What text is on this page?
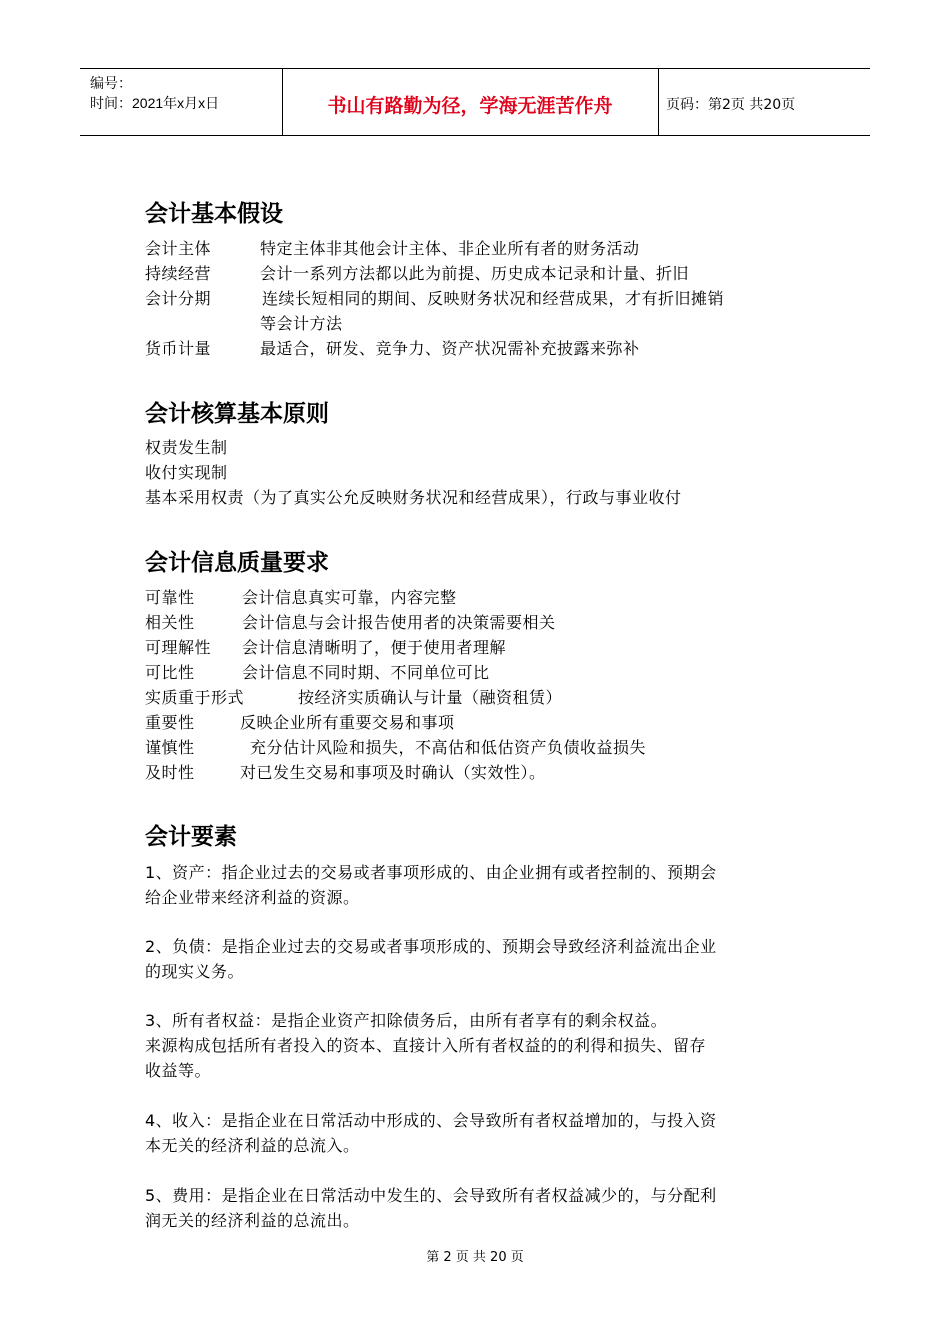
编号：
时间：2021年x月x日	书山有路勤为径，学海无涯苦作舟	页码：第2页 共20页
会计基本假设
会计主体	特定主体非其他会计主体、非企业所有者的财务活动
持续经营	会计一系列方法都以此为前提、历史成本记录和计量、折旧
会计分期	连续长短相同的期间、反映财务状况和经营成果，才有折旧摊销
等会计方法
货币计量	最适合，研发、竞争力、资产状况需补充披露来弥补
会计核算基本原则
权责发生制
收付实现制
基本采用权责（为了真实公允反映财务状况和经营成果），行政与事业收付
会计信息质量要求
可靠性	会计信息真实可靠，内容完整
相关性	会计信息与会计报告使用者的决策需要相关
可理解性 会计信息清晰明了，便于使用者理解
可比性	会计信息不同时期、不同单位可比
实质重于形式	按经济实质确认与计量（融资租赁）
重要性	反映企业所有重要交易和事项
谨慎性	充分估计风险和损失，不高估和低估资产负债收益损失
及时性	对已发生交易和事项及时确认（实效性）。
会计要素
1、资产：指企业过去的交易或者事项形成的、由企业拥有或者控制的、预期会
给企业带来经济利益的资源。
2、负债：是指企业过去的交易或者事项形成的、预期会导致经济利益流出企业
的现实义务。
3、所有者权益：是指企业资产扣除债务后，由所有者享有的剩余权益。
来源构成包括所有者投入的资本、直接计入所有者权益的的利得和损失、留存
收益等。
4、收入：是指企业在日常活动中形成的、会导致所有者权益增加的，与投入资
本无关的经济利益的总流入。
5、费用：是指企业在日常活动中发生的、会导致所有者权益减少的，与分配利
润无关的经济利益的总流出。
第 2 页 共 20 页
